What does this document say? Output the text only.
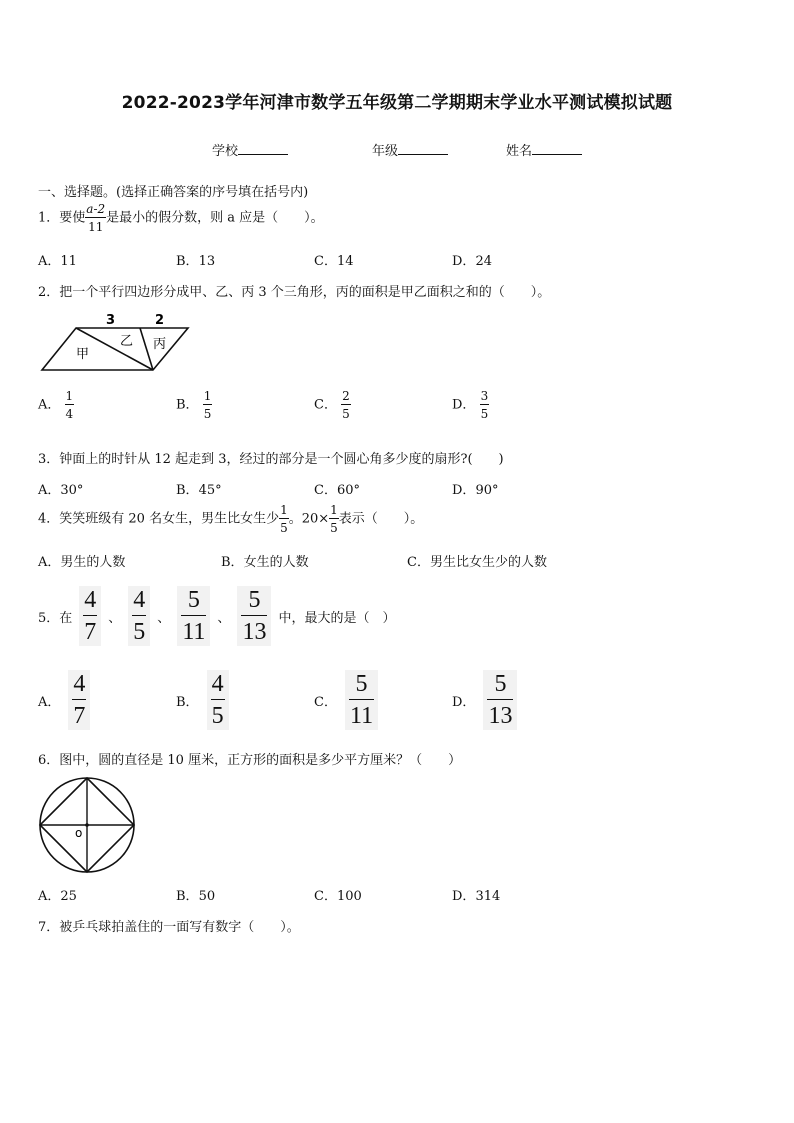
2022-2023学年河津市数学五年级第二学期期末学业水平测试模拟试题
学校	年级	姓名
一、选择题。(选择正确答案的序号填在括号内)
1．要使 $\frac{a-2}{11}$ 是最小的假分数，则 a 应是（　　）。
A．11	B．13	C．14	D．24
2．把一个平行四边形分成甲、乙、丙 3 个三角形，丙的面积是甲乙面积之和的（　　）。
3	2
甲
乙 丙
A． $\frac{1}{4}$	B． $\frac{1}{5}$	C． $\frac{2}{5}$	D． $\frac{3}{5}$
3．钟面上的时针从 12 起走到 3，经过的部分是一个圆心角多少度的扇形?(　　)
A．30°	B．45°	C．60°	D．90°
4．笑笑班级有 20 名女生，男生比女生少 $\frac{1}{5}$ 。$20\times \frac{1}{5}$ 表示（　　）。
A．男生的人数	B．女生的人数	C．男生比女生少的人数
5．在 $\frac{4}{7}$ 、 $\frac{4}{5}$ 、 $\frac{5}{11}$ 、 $\frac{5}{13}$ 中，最大的是（　）
A． $\frac{4}{7}$	B． $\frac{4}{5}$	C． $\frac{5}{11}$	D． $\frac{5}{13}$
6．图中，圆的直径是 10 厘米，正方形的面积是多少平方厘米？（　　）
o
A．25	B．50	C．100	D．314
7．被乒乓球拍盖住的一面写有数字（　　）。
